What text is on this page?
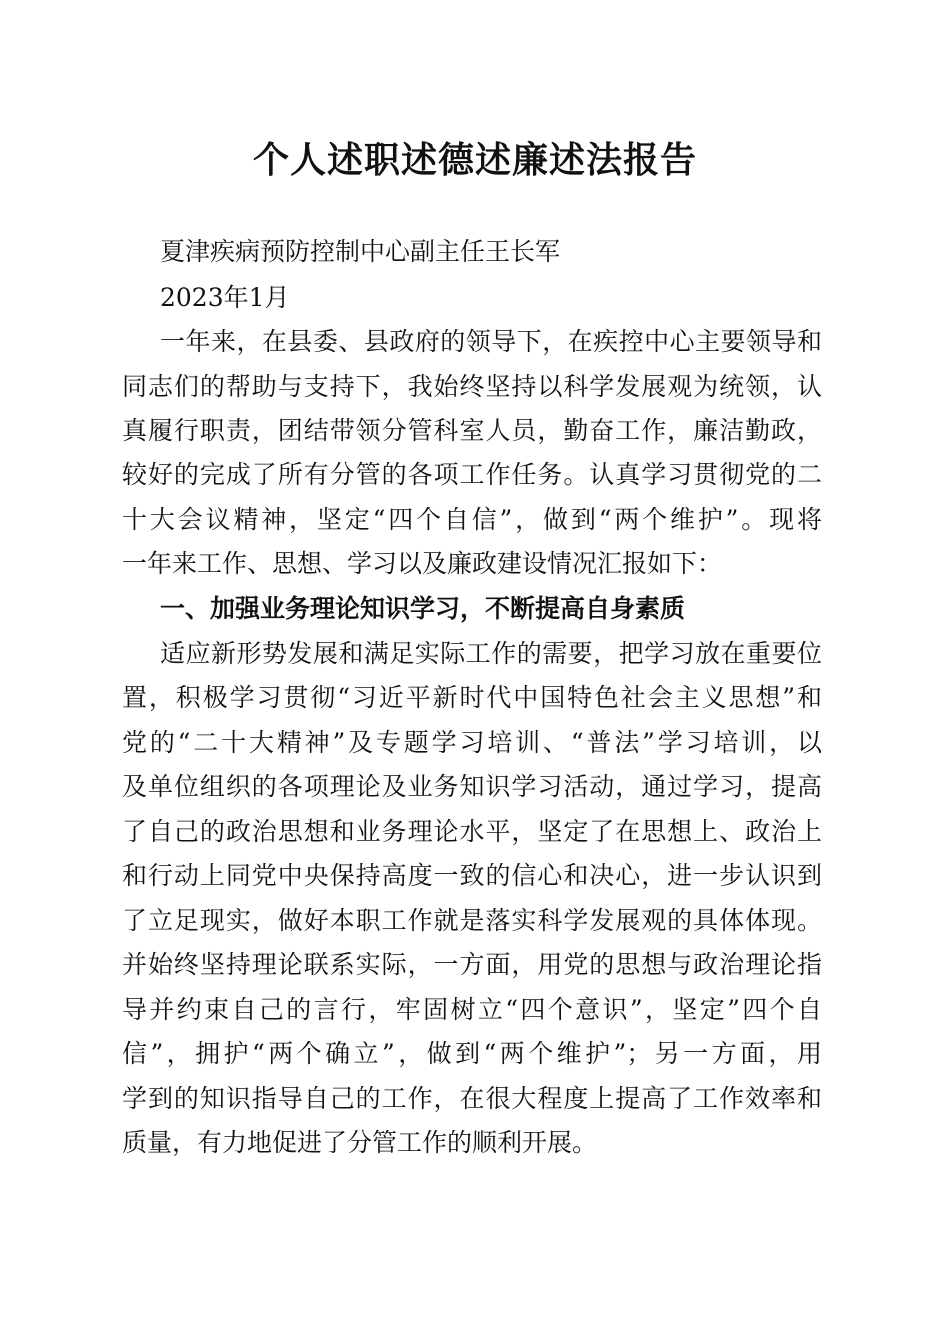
个人述职述德述廉述法报告
夏津疾病预防控制中心副主任王长军
2023年1月
一年来，在县委、县政府的领导下，在疾控中心主要领导和
同志们的帮助与支持下，我始终坚持以科学发展观为统领，认
真履行职责，团结带领分管科室人员，勤奋工作，廉洁勤政，
较好的完成了所有分管的各项工作任务。认真学习贯彻党的二
十大会议精神，坚定“四个自信”，做到“两个维护”。现将
一年来工作、思想、学习以及廉政建设情况汇报如下：
一、加强业务理论知识学习，不断提高自身素质
适应新形势发展和满足实际工作的需要，把学习放在重要位
置，积极学习贯彻“习近平新时代中国特色社会主义思想”和
党的“二十大精神”及专题学习培训、“普法”学习培训，以
及单位组织的各项理论及业务知识学习活动，通过学习，提高
了自己的政治思想和业务理论水平，坚定了在思想上、政治上
和行动上同党中央保持高度一致的信心和决心，进一步认识到
了立足现实，做好本职工作就是落实科学发展观的具体体现。
并始终坚持理论联系实际，一方面，用党的思想与政治理论指
导并约束自己的言行，牢固树立“四个意识”，坚定”四个自
信”，拥护“两个确立”，做到“两个维护”；另一方面，用
学到的知识指导自己的工作，在很大程度上提高了工作效率和
质量，有力地促进了分管工作的顺利开展。
